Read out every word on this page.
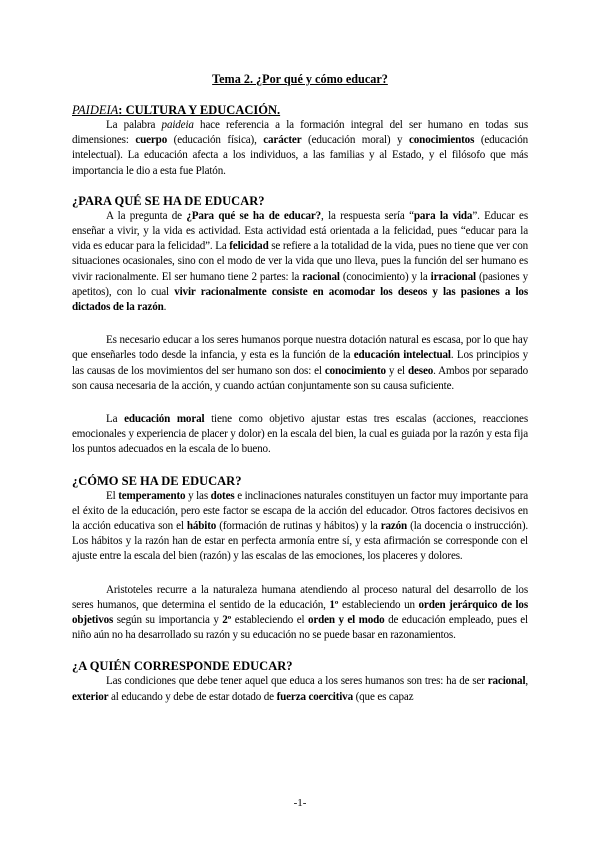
Tema 2. ¿Por qué y cómo educar?
PAIDEIA: CULTURA Y EDUCACIÓN.

La palabra paideia hace referencia a la formación integral del ser humano en todas sus dimensiones: cuerpo (educación física), carácter (educación moral) y conocimientos (educación intelectual). La educación afecta a los individuos, a las familias y al Estado, y el filósofo que más importancia le dio a esta fue Platón.

¿PARA QUÉ SE HA DE EDUCAR?

A la pregunta de ¿Para qué se ha de educar?, la respuesta sería “para la vida”. Educar es enseñar a vivir, y la vida es actividad. Esta actividad está orientada a la felicidad, pues “educar para la vida es educar para la felicidad”. La felicidad se refiere a la totalidad de la vida, pues no tiene que ver con situaciones ocasionales, sino con el modo de ver la vida que uno lleva, pues la función del ser humano es vivir racionalmente. El ser humano tiene 2 partes: la racional (conocimiento) y la irracional (pasiones y apetitos), con lo cual vivir racionalmente consiste en acomodar los deseos y las pasiones a los dictados de la razón.

Es necesario educar a los seres humanos porque nuestra dotación natural es escasa, por lo que hay que enseñarles todo desde la infancia, y esta es la función de la educación intelectual. Los principios y las causas de los movimientos del ser humano son dos: el conocimiento y el deseo. Ambos por separado son causa necesaria de la acción, y cuando actúan conjuntamente son su causa suficiente.

La educación moral tiene como objetivo ajustar estas tres escalas (acciones, reacciones emocionales y experiencia de placer y dolor) en la escala del bien, la cual es guiada por la razón y esta fija los puntos adecuados en la escala de lo bueno.

¿CÓMO SE HA DE EDUCAR?

El temperamento y las dotes e inclinaciones naturales constituyen un factor muy importante para el éxito de la educación, pero este factor se escapa de la acción del educador. Otros factores decisivos en la acción educativa son el hábito (formación de rutinas y hábitos) y la razón (la docencia o instrucción). Los hábitos y la razón han de estar en perfecta armonía entre sí, y esta afirmación se corresponde con el ajuste entre la escala del bien (razón) y las escalas de las emociones, los placeres y dolores.

Aristoteles recurre a la naturaleza humana atendiendo al proceso natural del desarrollo de los seres humanos, que determina el sentido de la educación, 1º estableciendo un orden jerárquico de los objetivos según su importancia y 2º estableciendo el orden y el modo de educación empleado, pues el niño aún no ha desarrollado su razón y su educación no se puede basar en razonamientos.

¿A QUIÉN CORRESPONDE EDUCAR?

Las condiciones que debe tener aquel que educa a los seres humanos son tres: ha de ser racional, exterior al educando y debe de estar dotado de fuerza coercitiva (que es capaz

-1-
